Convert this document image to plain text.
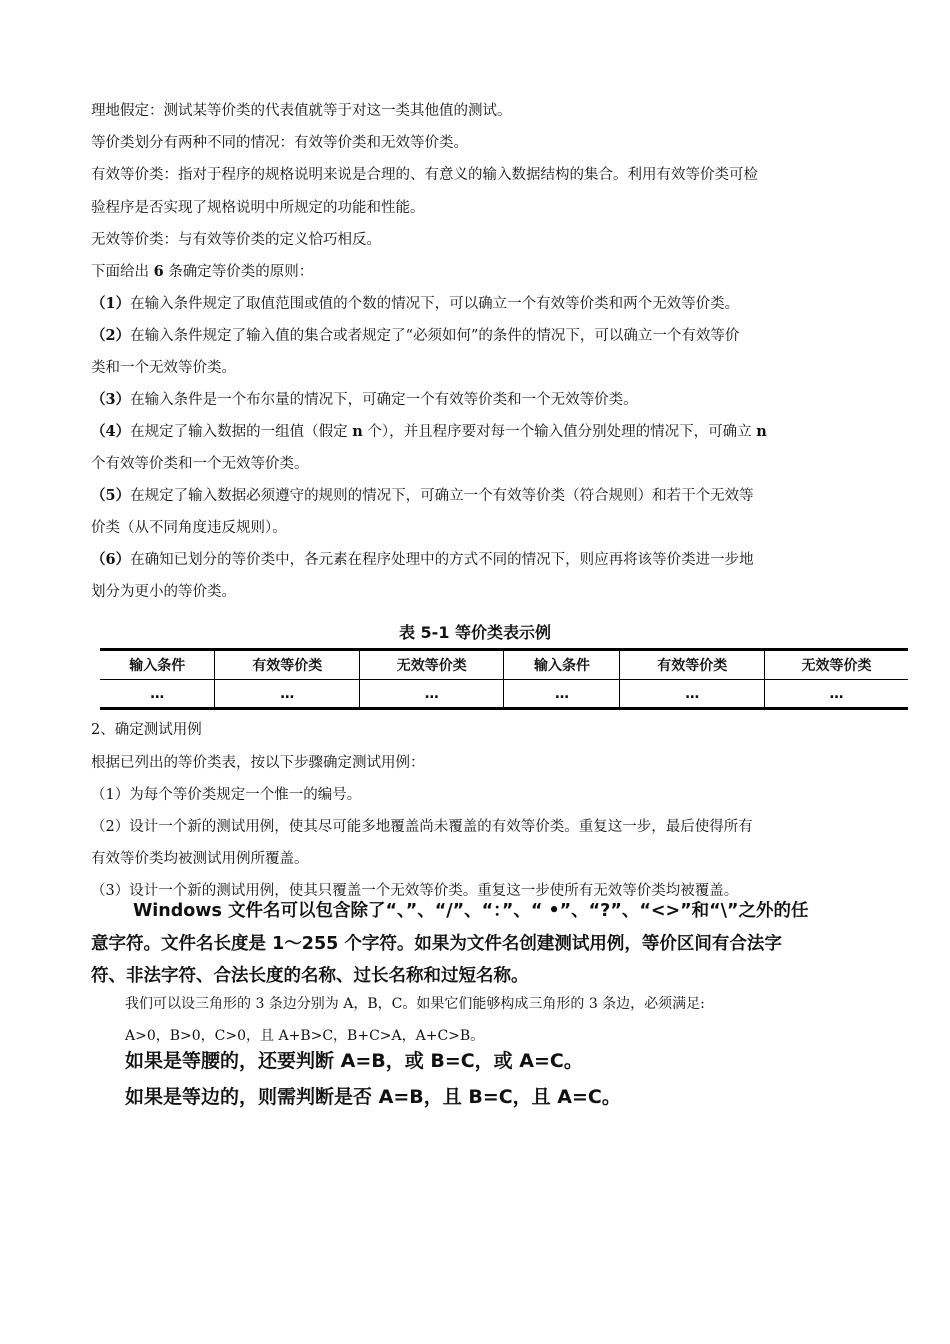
理地假定：测试某等价类的代表值就等于对这一类其他值的测试。
等价类划分有两种不同的情况：有效等价类和无效等价类。
有效等价类：指对于程序的规格说明来说是合理的、有意义的输入数据结构的集合。利用有效等价类可检
验程序是否实现了规格说明中所规定的功能和性能。
无效等价类：与有效等价类的定义恰巧相反。
下面给出 6 条确定等价类的原则：
（1）在输入条件规定了取值范围或值的个数的情况下，可以确立一个有效等价类和两个无效等价类。
（2）在输入条件规定了输入值的集合或者规定了“必须如何”的条件的情况下，可以确立一个有效等价
类和一个无效等价类。
（3）在输入条件是一个布尔量的情况下，可确定一个有效等价类和一个无效等价类。
（4）在规定了输入数据的一组值（假定 n 个），并且程序要对每一个输入值分别处理的情况下，可确立 n
个有效等价类和一个无效等价类。
（5）在规定了输入数据必须遵守的规则的情况下，可确立一个有效等价类（符合规则）和若干个无效等
价类（从不同角度违反规则）。
（6）在确知已划分的等价类中，各元素在程序处理中的方式不同的情况下，则应再将该等价类进一步地
划分为更小的等价类。
表 5-1 等价类表示例
输入条件	有效等价类	无效等价类	输入条件	有效等价类	无效等价类
…	…	…	…	…	…
2、确定测试用例
根据已列出的等价类表，按以下步骤确定测试用例：
（1）为每个等价类规定一个惟一的编号。
（2）设计一个新的测试用例，使其尽可能多地覆盖尚未覆盖的有效等价类。重复这一步，最后使得所有
有效等价类均被测试用例所覆盖。
（3）设计一个新的测试用例，使其只覆盖一个无效等价类。重复这一步使所有无效等价类均被覆盖。
Windows 文件名可以包含除了“、”、“/”、“：”、“ •”、“?”、“<>”和“\”之外的任
意字符。文件名长度是 1～255 个字符。如果为文件名创建测试用例，等价区间有合法字
符、非法字符、合法长度的名称、过长名称和过短名称。
我们可以设三角形的 3 条边分别为 A，B，C。如果它们能够构成三角形的 3 条边，必须满足:
A>0，B>0，C>0，且 A+B>C，B+C>A，A+C>B。
如果是等腰的，还要判断 A=B，或 B=C，或 A=C。
如果是等边的，则需判断是否 A=B，且 B=C，且 A=C。
